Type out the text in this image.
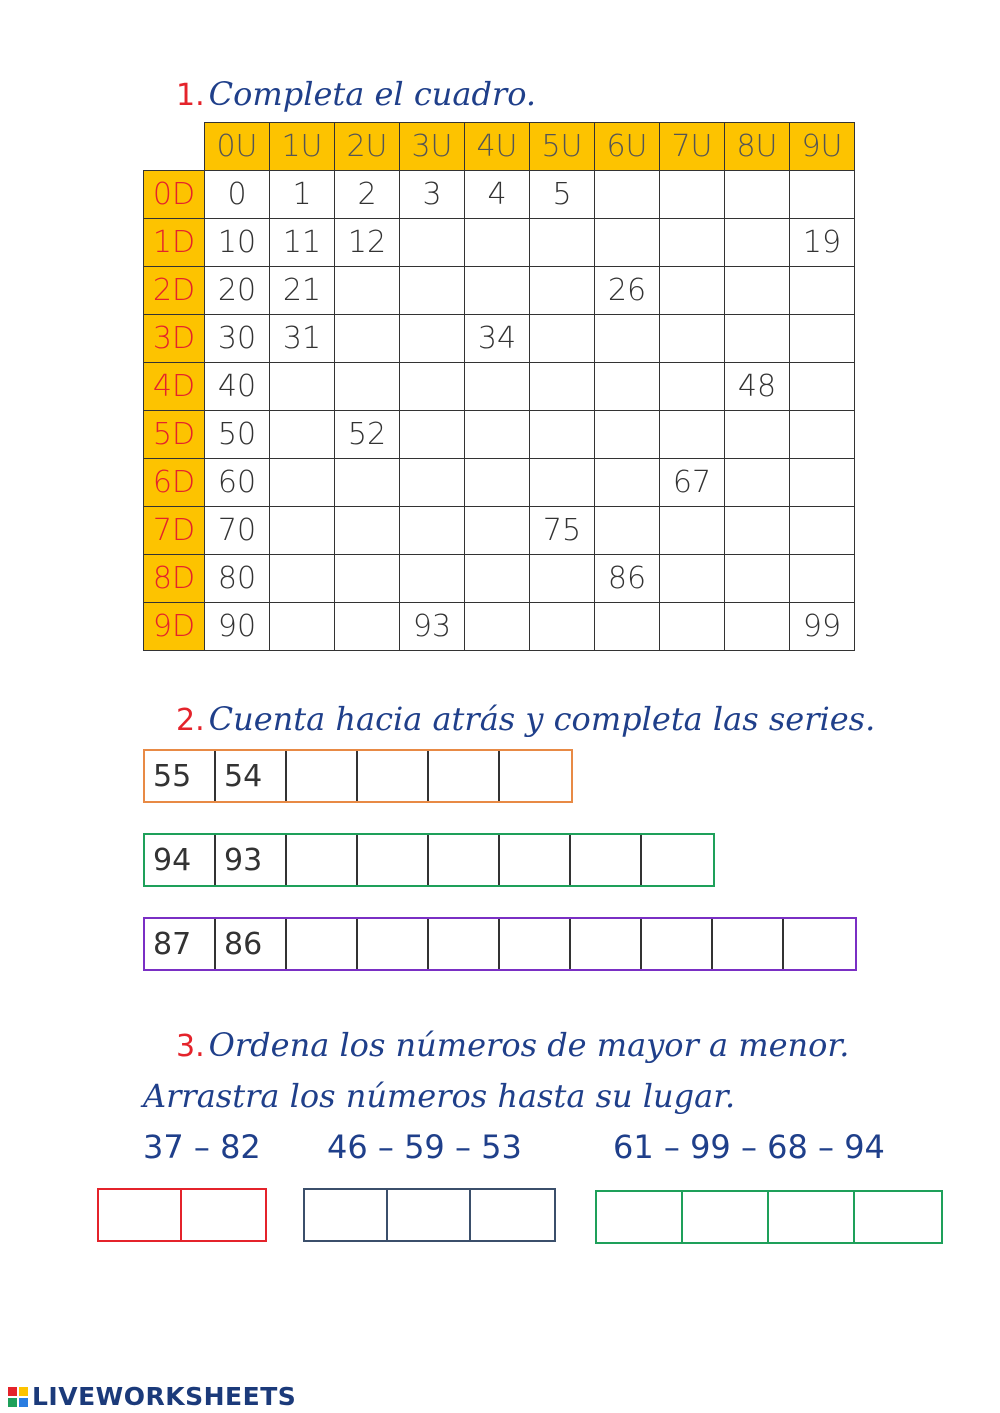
1. Completa el cuadro.
	0U	1U	2U	3U	4U	5U	6U	7U	8U	9U
0D	0	1	2	3	4	5				
1D	10	11	12							19
2D	20	21					26			
3D	30	31			34					
4D	40								48	
5D	50		52							
6D	60							67		
7D	70					75				
8D	80						86			
9D	90			93						99
2. Cuenta hacia atrás y completa las series.
55 54
94 93
87 86
3. Ordena los números de mayor a menor.
Arrastra los números hasta su lugar.
37 – 82 46 – 59 – 53	61 – 99 – 68 – 94
LIVEWORKSHEETS
